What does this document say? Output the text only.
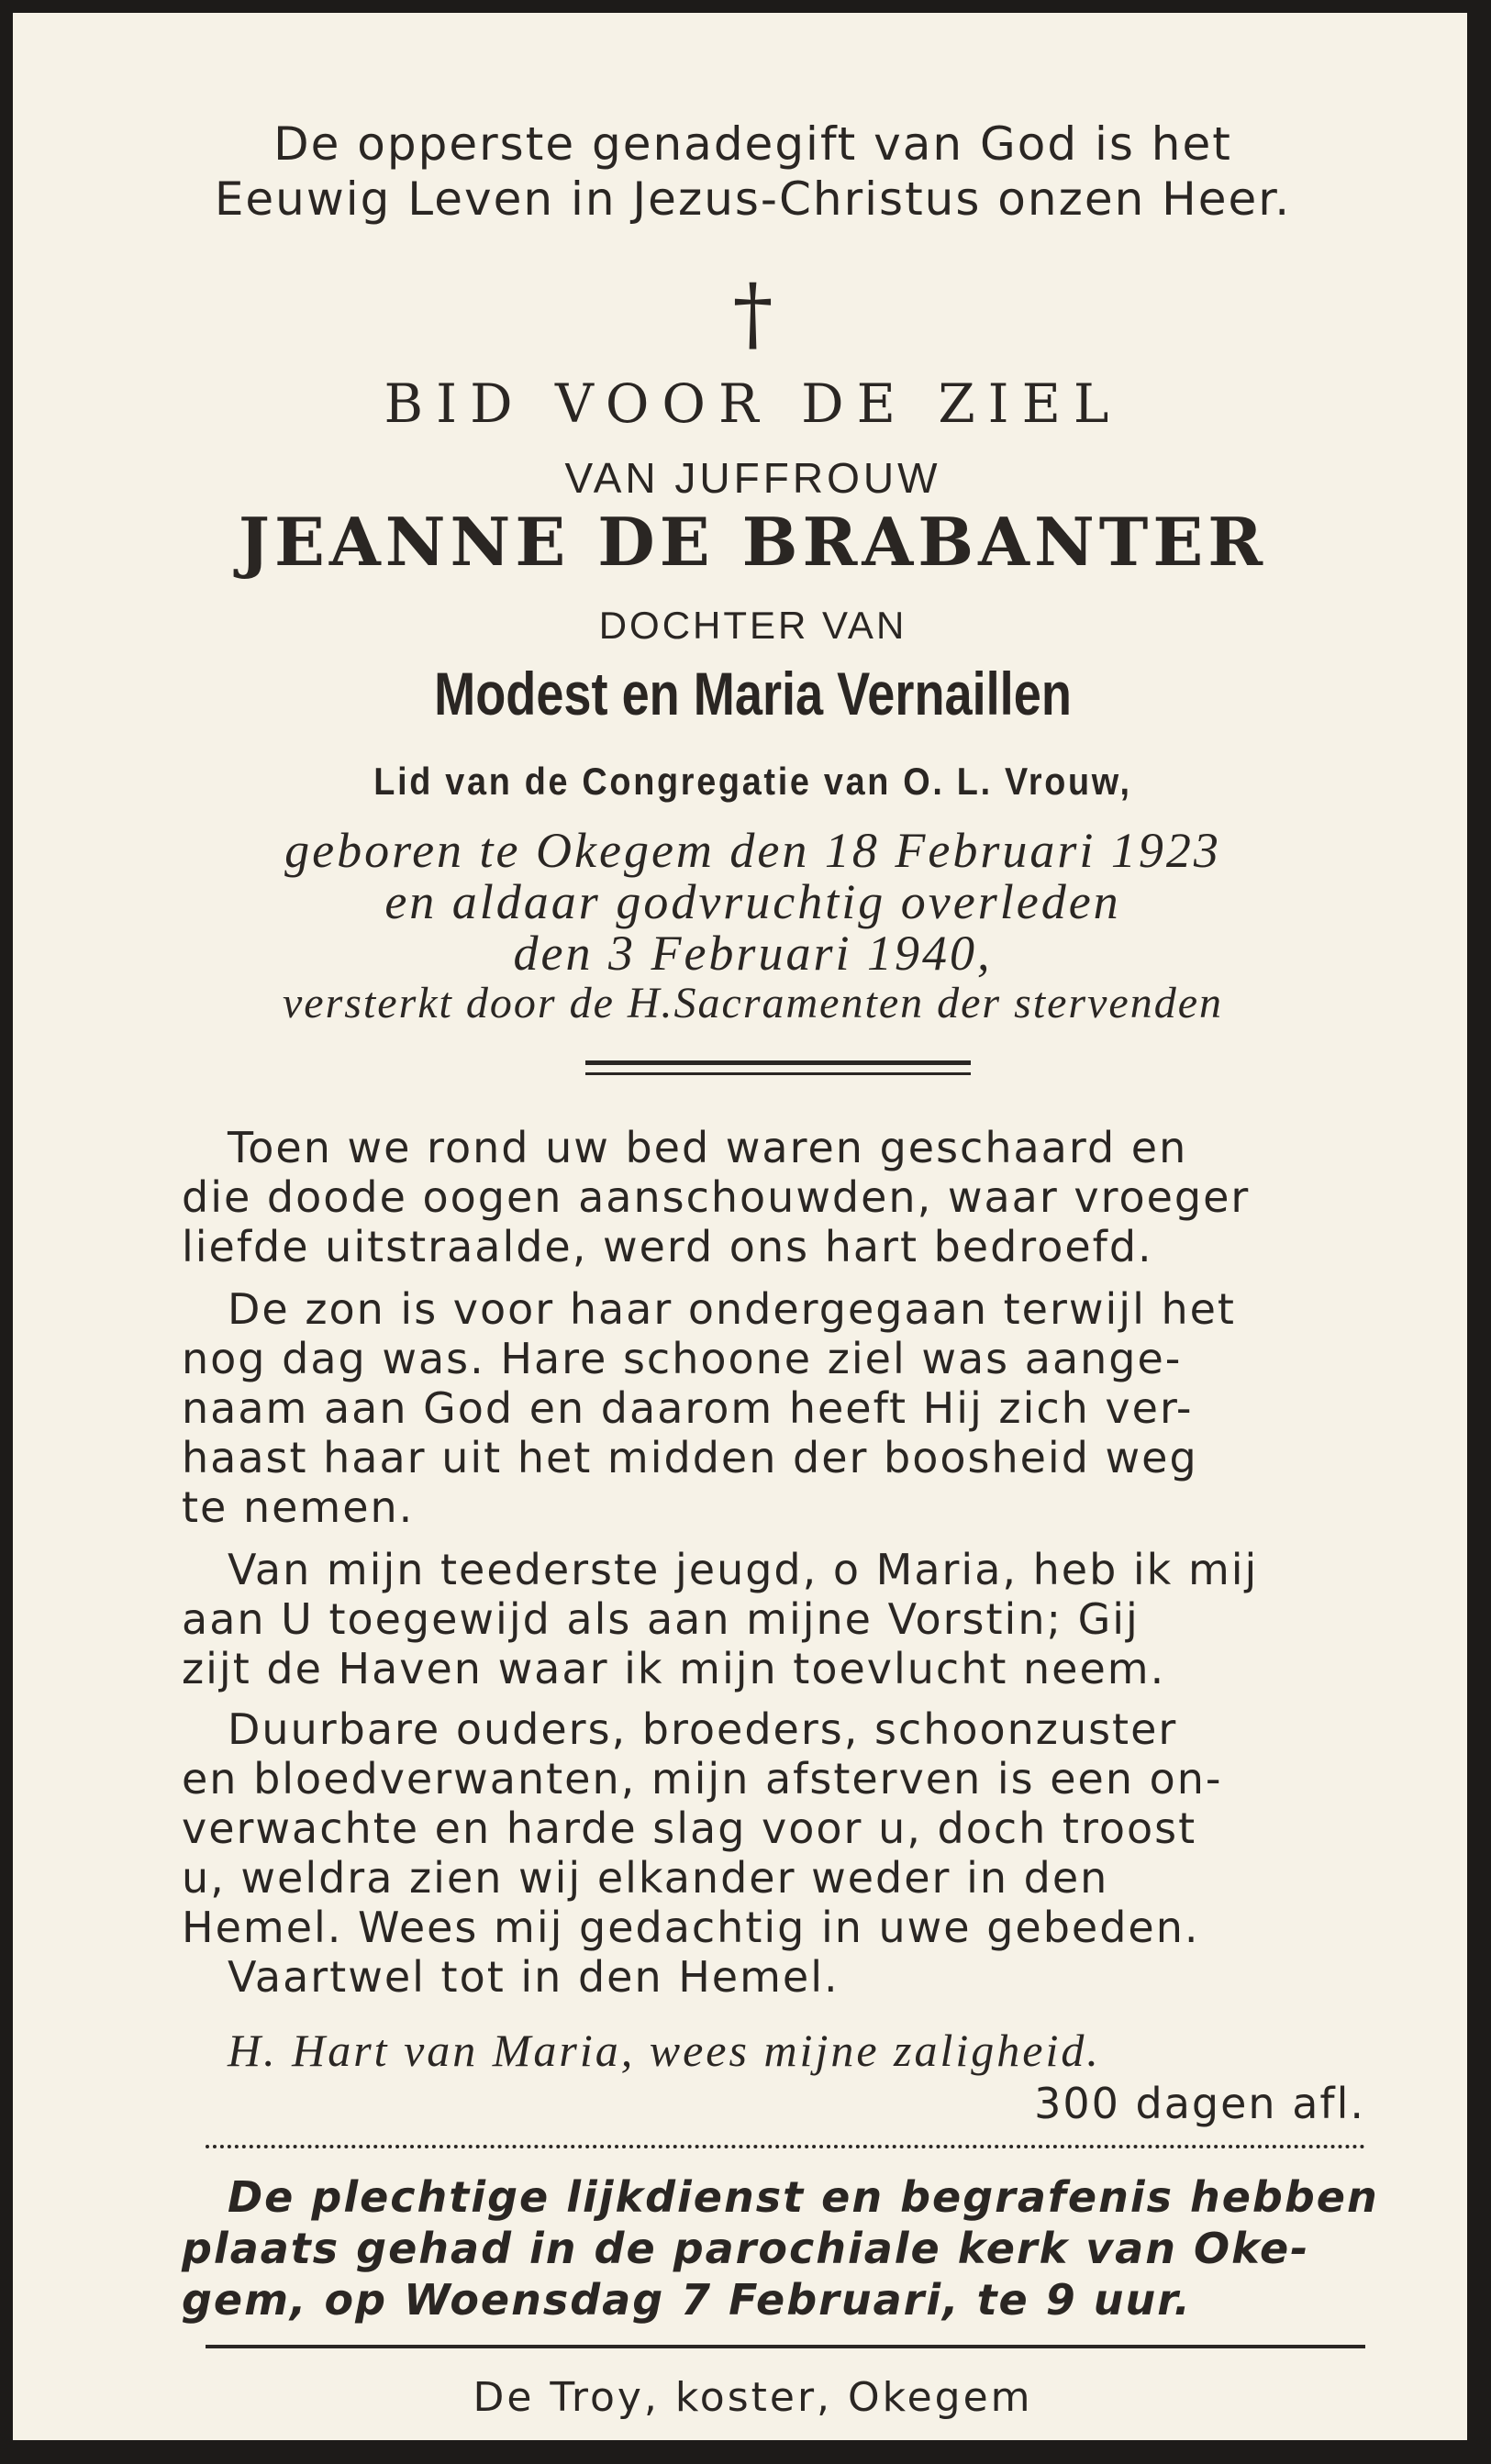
De opperste genadegift van God is het
Eeuwig Leven in Jezus-Christus onzen Heer.
†
BID VOOR DE ZIEL
VAN JUFFROUW
JEANNE DE BRABANTER
DOCHTER VAN
Modest en Maria Vernaillen
Lid van de Congregatie van O. L. Vrouw,
geboren te Okegem den 18 Februari 1923
en aldaar godvruchtig overleden
den 3 Februari 1940,
versterkt door de H.Sacramenten der stervenden
Toen we rond uw bed waren geschaard en
die doode oogen aanschouwden, waar vroeger
liefde uitstraalde, werd ons hart bedroefd.
De zon is voor haar ondergegaan terwijl het
nog dag was. Hare schoone ziel was aange-
naam aan God en daarom heeft Hij zich ver-
haast haar uit het midden der boosheid weg
te nemen.
Van mijn teederste jeugd, o Maria, heb ik mij
aan U toegewijd als aan mijne Vorstin; Gij
zijt de Haven waar ik mijn toevlucht neem.
Duurbare ouders, broeders, schoonzuster
en bloedverwanten, mijn afsterven is een on-
verwachte en harde slag voor u, doch troost
u, weldra zien wij elkander weder in den
Hemel. Wees mij gedachtig in uwe gebeden.
Vaartwel tot in den Hemel.
H. Hart van Maria, wees mijne zaligheid.
300 dagen afl.
De plechtige lijkdienst en begrafenis hebben
plaats gehad in de parochiale kerk van Oke-
gem, op Woensdag 7 Februari, te 9 uur.
De Troy, koster, Okegem
